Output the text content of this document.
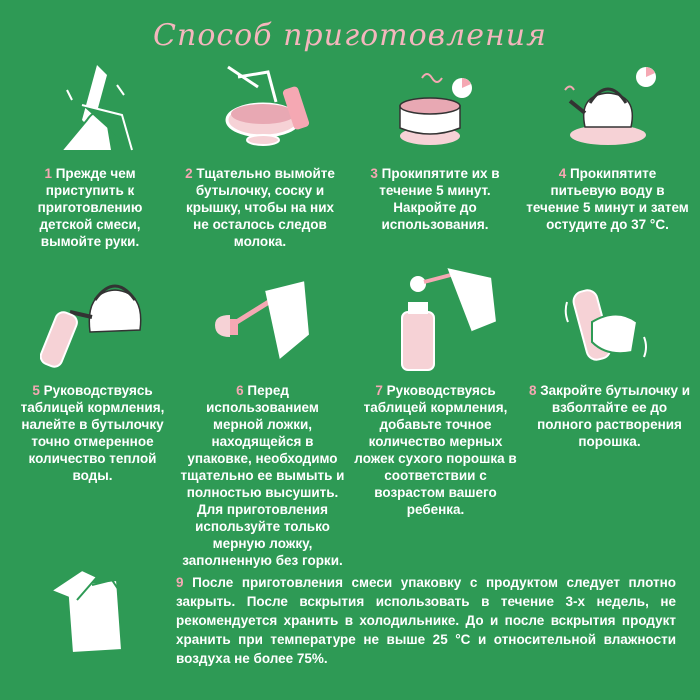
Способ приготовления
1 Прежде чем приступить к приготовлению детской смеси, вымойте руки.
2 Тщательно вымойте бутылочку, соску и крышку, чтобы на них не осталось следов молока.
3 Прокипятите их в течение 5 минут. Накройте до использования.
4 Прокипятите питьевую воду в течение 5 минут и затем остудите до 37 °C.
5 Руководствуясь таблицей кормления, налейте в бутылочку точно отмеренное количество теплой воды.
6 Перед использованием мерной ложки, находящейся в упаковке, необходимо тщательно ее вымыть и полностью высушить. Для приготовления используйте только мерную ложку, заполненную без горки.
7 Руководствуясь таблицей кормления, добавьте точное количество мерных ложек сухого порошка в соответствии с возрастом вашего ребенка.
8 Закройте бутылочку и взболтайте ее до полного растворения порошка.
9 После приготовления смеси упаковку с продуктом следует плотно закрыть. После вскрытия использовать в течение 3-х недель, не рекомендуется хранить в холодильнике. До и после вскрытия продукт хранить при температуре не выше 25 °C и относительной влажности воздуха не более 75%.
